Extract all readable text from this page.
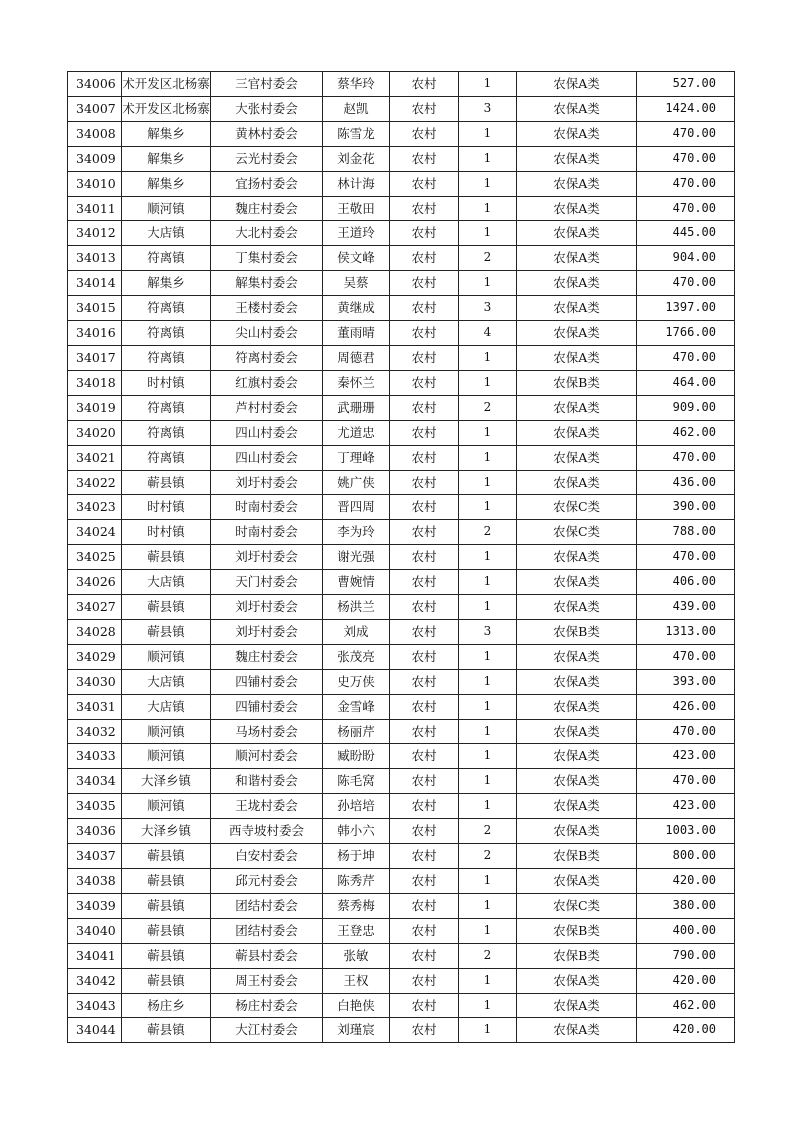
34006	术开发区北杨寨	三官村委会	蔡华玲	农村	1	农保A类	527.00
34007	术开发区北杨寨	大张村委会	赵凯	农村	3	农保A类	1424.00
34008	解集乡	黄林村委会	陈雪龙	农村	1	农保A类	470.00
34009	解集乡	云光村委会	刘金花	农村	1	农保A类	470.00
34010	解集乡	宜扬村委会	林计海	农村	1	农保A类	470.00
34011	顺河镇	魏庄村委会	王敬田	农村	1	农保A类	470.00
34012	大店镇	大北村委会	王道玲	农村	1	农保A类	445.00
34013	符离镇	丁集村委会	侯文峰	农村	2	农保A类	904.00
34014	解集乡	解集村委会	吴蔡	农村	1	农保A类	470.00
34015	符离镇	王楼村委会	黄继成	农村	3	农保A类	1397.00
34016	符离镇	尖山村委会	董雨晴	农村	4	农保A类	1766.00
34017	符离镇	符离村委会	周德君	农村	1	农保A类	470.00
34018	时村镇	红旗村委会	秦怀兰	农村	1	农保B类	464.00
34019	符离镇	芦村村委会	武珊珊	农村	2	农保A类	909.00
34020	符离镇	四山村委会	尤道忠	农村	1	农保A类	462.00
34021	符离镇	四山村委会	丁理峰	农村	1	农保A类	470.00
34022	蕲县镇	刘圩村委会	姚广侠	农村	1	农保A类	436.00
34023	时村镇	时南村委会	晋四周	农村	1	农保C类	390.00
34024	时村镇	时南村委会	李为玲	农村	2	农保C类	788.00
34025	蕲县镇	刘圩村委会	谢光强	农村	1	农保A类	470.00
34026	大店镇	天门村委会	曹婉情	农村	1	农保A类	406.00
34027	蕲县镇	刘圩村委会	杨洪兰	农村	1	农保A类	439.00
34028	蕲县镇	刘圩村委会	刘成	农村	3	农保B类	1313.00
34029	顺河镇	魏庄村委会	张茂亮	农村	1	农保A类	470.00
34030	大店镇	四铺村委会	史万侠	农村	1	农保A类	393.00
34031	大店镇	四铺村委会	金雪峰	农村	1	农保A类	426.00
34032	顺河镇	马场村委会	杨丽芹	农村	1	农保A类	470.00
34033	顺河镇	顺河村委会	臧盼盼	农村	1	农保A类	423.00
34034	大泽乡镇	和谐村委会	陈毛窝	农村	1	农保A类	470.00
34035	顺河镇	王垅村委会	孙培培	农村	1	农保A类	423.00
34036	大泽乡镇	西寺坡村委会	韩小六	农村	2	农保A类	1003.00
34037	蕲县镇	白安村委会	杨于坤	农村	2	农保B类	800.00
34038	蕲县镇	邱元村委会	陈秀芹	农村	1	农保A类	420.00
34039	蕲县镇	团结村委会	蔡秀梅	农村	1	农保C类	380.00
34040	蕲县镇	团结村委会	王登忠	农村	1	农保B类	400.00
34041	蕲县镇	蕲县村委会	张敏	农村	2	农保B类	790.00
34042	蕲县镇	周王村委会	王权	农村	1	农保A类	420.00
34043	杨庄乡	杨庄村委会	白艳侠	农村	1	农保A类	462.00
34044	蕲县镇	大江村委会	刘瑾宸	农村	1	农保A类	420.00
